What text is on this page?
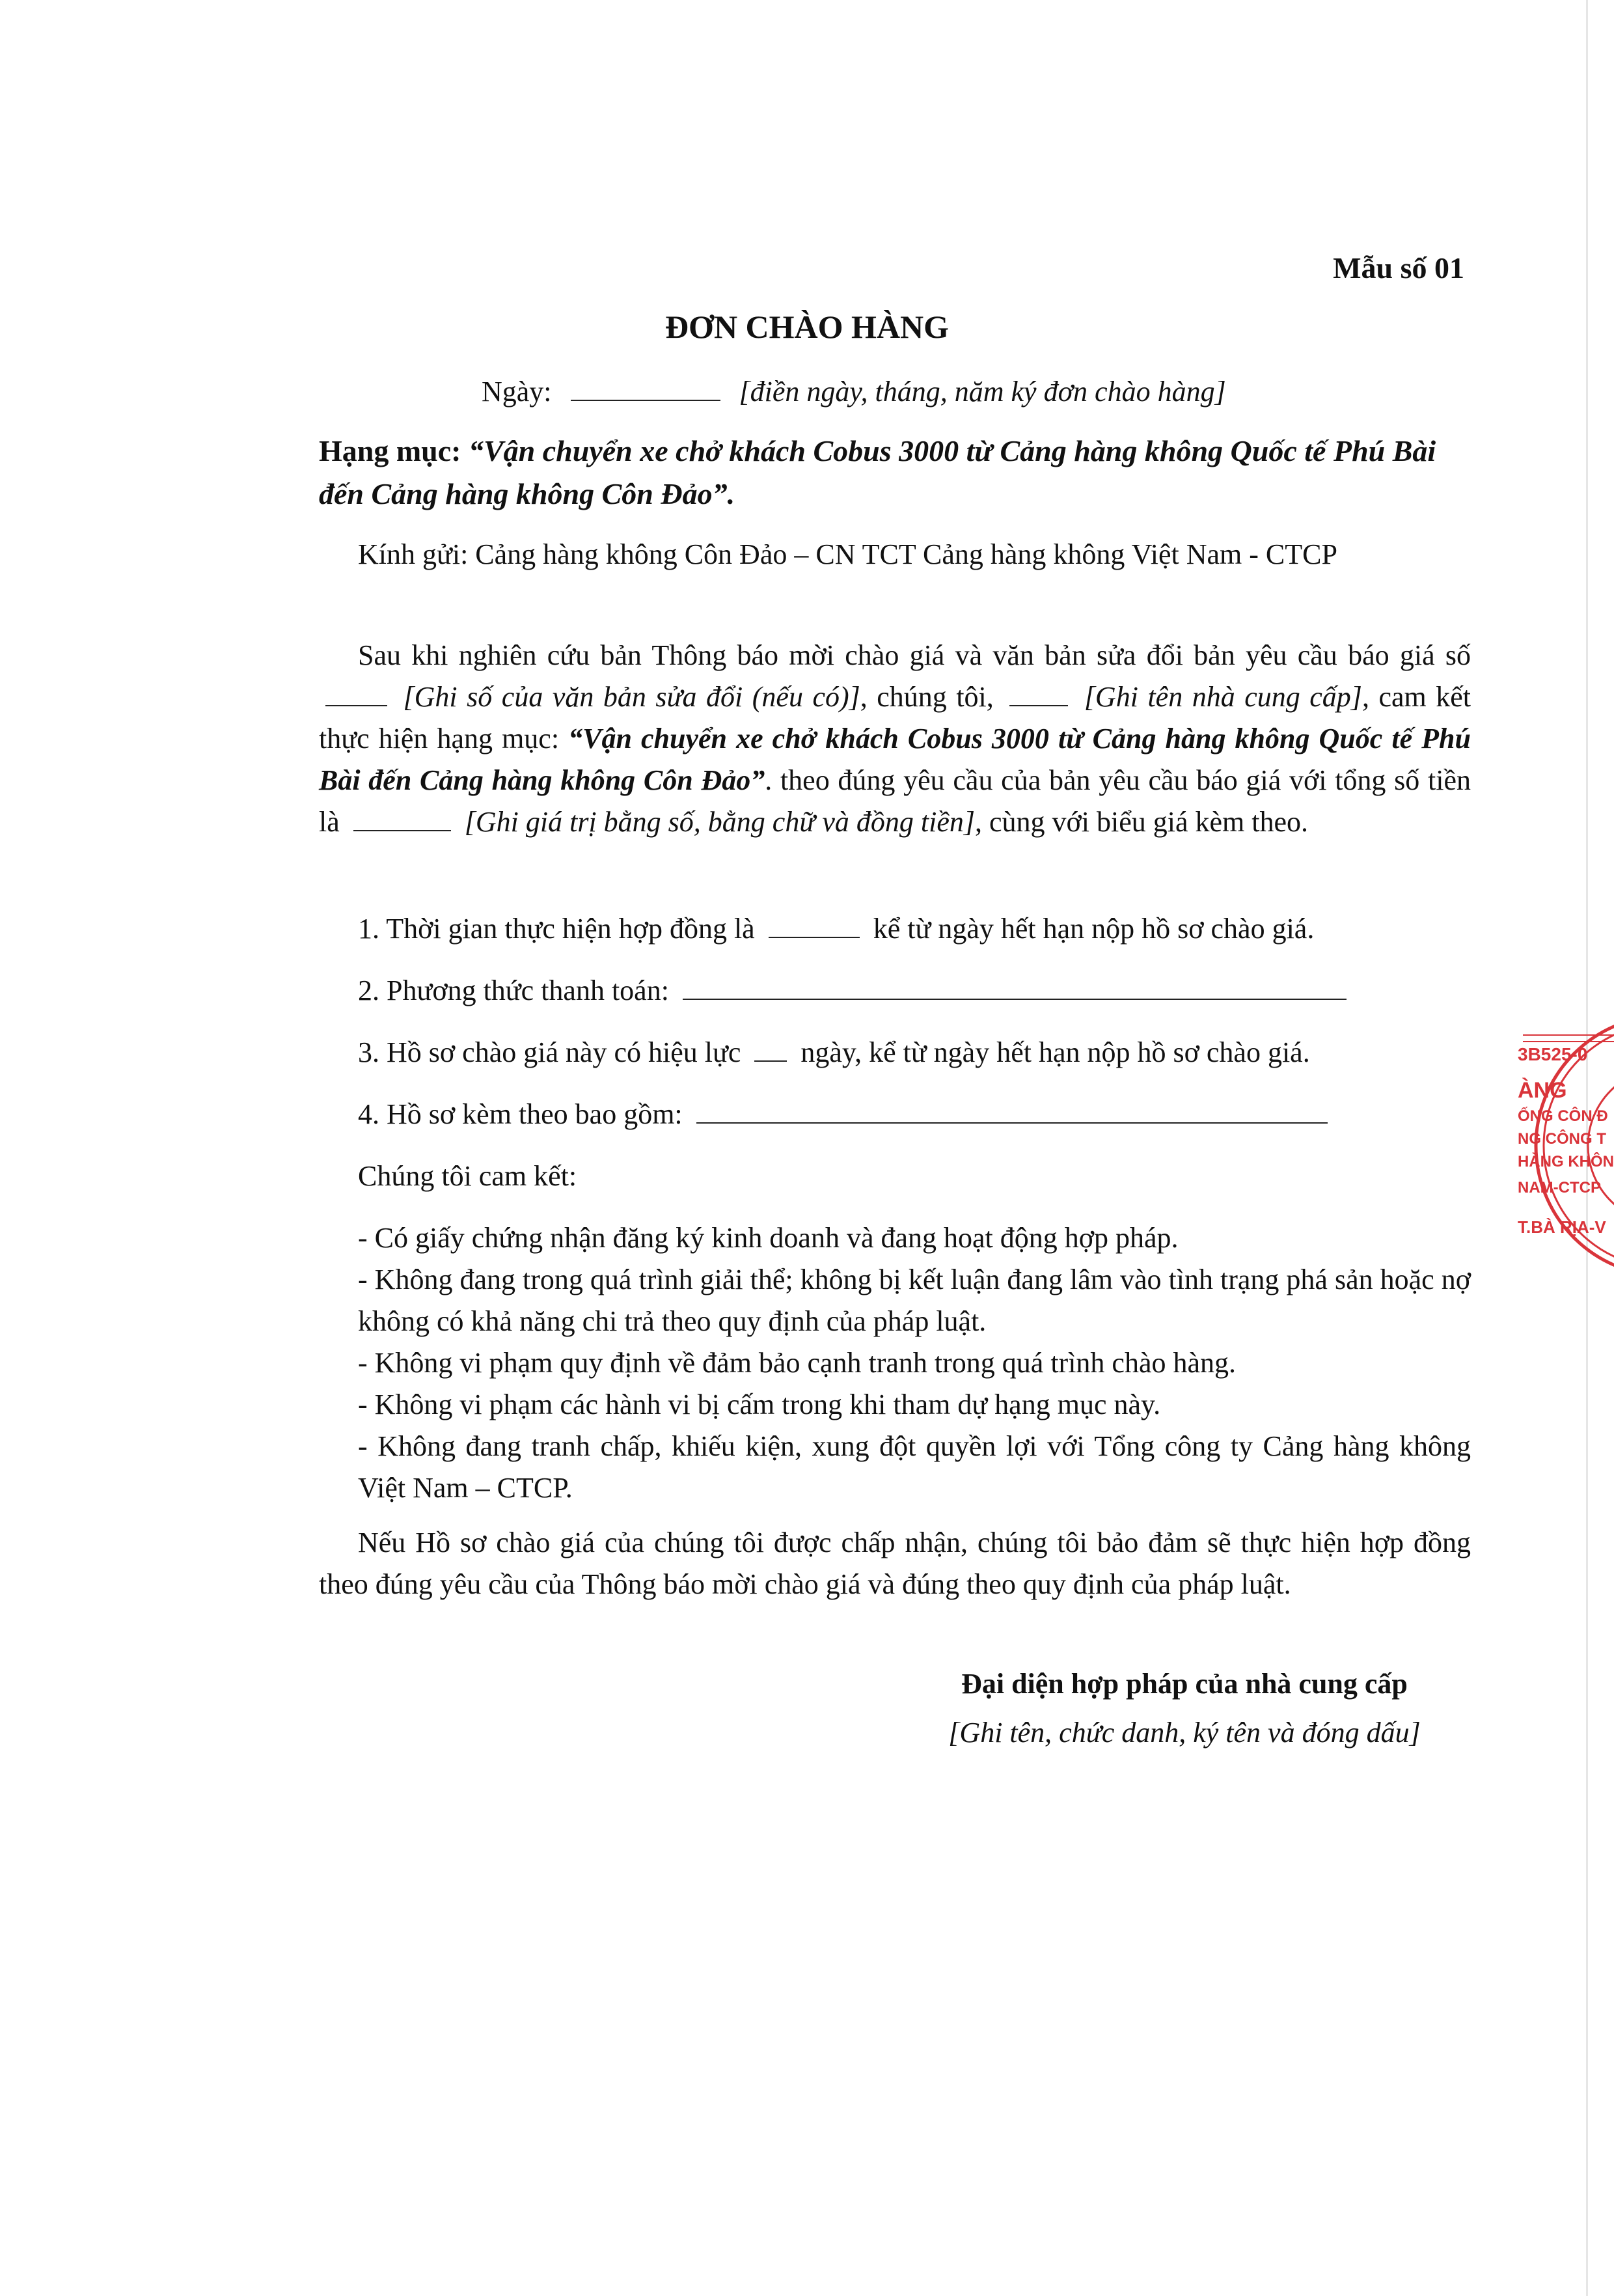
Mẫu số 01
ĐƠN CHÀO HÀNG
Ngày:	[điền ngày, tháng, năm ký đơn chào hàng]
Hạng mục: “Vận chuyển xe chở khách Cobus 3000 từ Cảng hàng không Quốc tế Phú Bài đến Cảng hàng không Côn Đảo”.
Kính gửi: Cảng hàng không Côn Đảo – CN TCT Cảng hàng không Việt Nam - CTCP
Sau khi nghiên cứu bản Thông báo mời chào giá và văn bản sửa đổi bản yêu cầu báo giá số  [Ghi số của văn bản sửa đổi (nếu có)], chúng tôi,	[Ghi tên nhà cung cấp], cam kết thực hiện hạng mục: “Vận chuyển xe chở khách Cobus 3000 từ Cảng hàng không Quốc tế Phú Bài đến Cảng hàng không Côn Đảo”. theo đúng yêu cầu của bản yêu cầu báo giá với tổng số tiền là	[Ghi giá trị bằng số, bằng chữ và đồng tiền], cùng với biểu giá kèm theo.
1. Thời gian thực hiện hợp đồng là	kể từ ngày hết hạn nộp hồ sơ chào giá.
2. Phương thức thanh toán:
3. Hồ sơ chào giá này có hiệu lực ngày, kể từ ngày hết hạn nộp hồ sơ chào giá.
4. Hồ sơ kèm theo bao gồm:
Chúng tôi cam kết:
- Có giấy chứng nhận đăng ký kinh doanh và đang hoạt động hợp pháp.
- Không đang trong quá trình giải thể; không bị kết luận đang lâm vào tình trạng phá sản hoặc nợ không có khả năng chi trả theo quy định của pháp luật.
- Không vi phạm quy định về đảm bảo cạnh tranh trong quá trình chào hàng.
- Không vi phạm các hành vi bị cấm trong khi tham dự hạng mục này.
- Không đang tranh chấp, khiếu kiện, xung đột quyền lợi với Tổng công ty Cảng hàng không Việt Nam – CTCP.
Nếu Hồ sơ chào giá của chúng tôi được chấp nhận, chúng tôi bảo đảm sẽ thực hiện hợp đồng theo đúng yêu cầu của Thông báo mời chào giá và đúng theo quy định của pháp luật.
Đại diện hợp pháp của nhà cung cấp
[Ghi tên, chức danh, ký tên và đóng dấu]
3B525-0
ÀNG
ỐNG CÔN Đ
NG CÔNG T
HÀNG KHÔN
NAM-CTCP
T.BÀ RỊA-V
